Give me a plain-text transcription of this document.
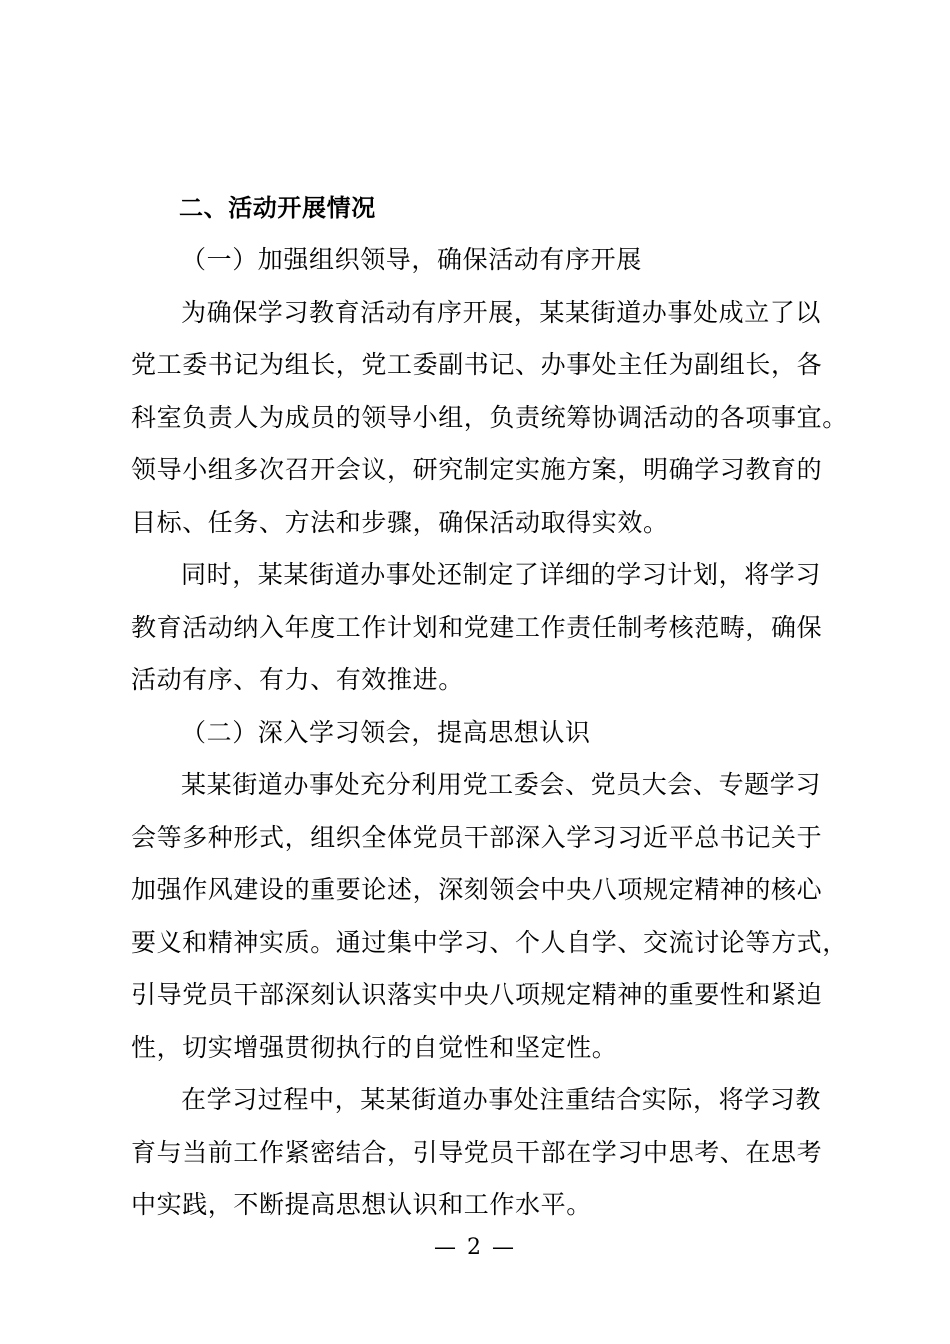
二、活动开展情况
（一）加强组织领导，确保活动有序开展
为确保学习教育活动有序开展，某某街道办事处成立了以
党工委书记为组长，党工委副书记、办事处主任为副组长，各
科室负责人为成员的领导小组，负责统筹协调活动的各项事宜。
领导小组多次召开会议，研究制定实施方案，明确学习教育的
目标、任务、方法和步骤，确保活动取得实效。
同时，某某街道办事处还制定了详细的学习计划，将学习
教育活动纳入年度工作计划和党建工作责任制考核范畴，确保
活动有序、有力、有效推进。
（二）深入学习领会，提高思想认识
某某街道办事处充分利用党工委会、党员大会、专题学习
会等多种形式，组织全体党员干部深入学习习近平总书记关于
加强作风建设的重要论述，深刻领会中央八项规定精神的核心
要义和精神实质。通过集中学习、个人自学、交流讨论等方式，
引导党员干部深刻认识落实中央八项规定精神的重要性和紧迫
性，切实增强贯彻执行的自觉性和坚定性。
在学习过程中，某某街道办事处注重结合实际，将学习教
育与当前工作紧密结合，引导党员干部在学习中思考、在思考
中实践，不断提高思想认识和工作水平。
— 2 —
